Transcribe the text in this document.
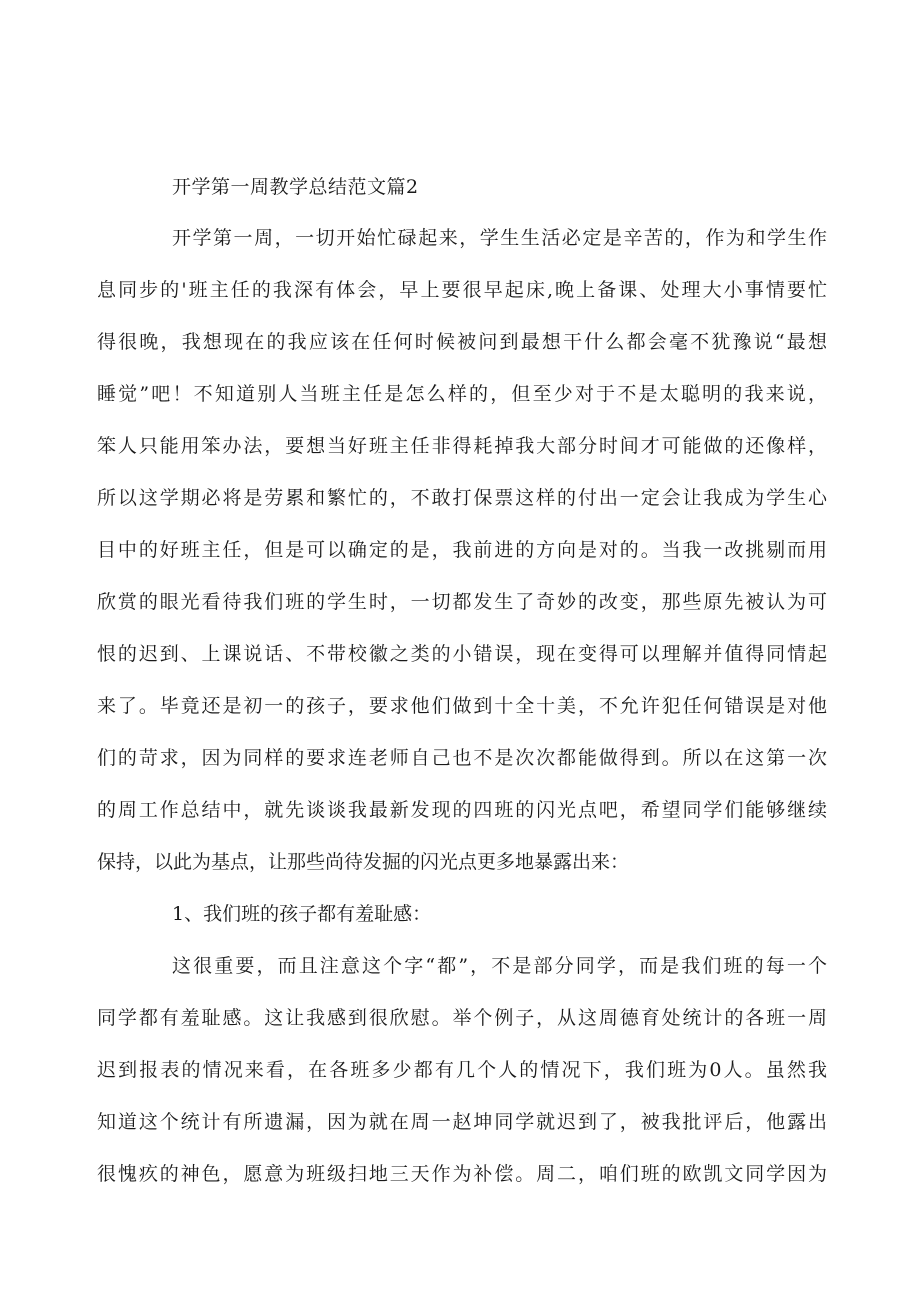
开学第一周教学总结范文篇2
开学第一周，一切开始忙碌起来，学生生活必定是辛苦的，作为和学生作
息同步的'班主任的我深有体会，早上要很早起床,晚上备课、处理大小事情要忙
得很晚，我想现在的我应该在任何时候被问到最想干什么都会毫不犹豫说“最想
睡觉”吧！不知道别人当班主任是怎么样的，但至少对于不是太聪明的我来说，
笨人只能用笨办法，要想当好班主任非得耗掉我大部分时间才可能做的还像样，
所以这学期必将是劳累和繁忙的，不敢打保票这样的付出一定会让我成为学生心
目中的好班主任，但是可以确定的是，我前进的方向是对的。当我一改挑剔而用
欣赏的眼光看待我们班的学生时，一切都发生了奇妙的改变，那些原先被认为可
恨的迟到、上课说话、不带校徽之类的小错误，现在变得可以理解并值得同情起
来了。毕竟还是初一的孩子，要求他们做到十全十美，不允许犯任何错误是对他
们的苛求，因为同样的要求连老师自己也不是次次都能做得到。所以在这第一次
的周工作总结中，就先谈谈我最新发现的四班的闪光点吧，希望同学们能够继续
保持，以此为基点，让那些尚待发掘的闪光点更多地暴露出来：
1、我们班的孩子都有羞耻感：
这很重要，而且注意这个字“都”，不是部分同学，而是我们班的每一个
同学都有羞耻感。这让我感到很欣慰。举个例子，从这周德育处统计的各班一周
迟到报表的情况来看，在各班多少都有几个人的情况下，我们班为0人。虽然我
知道这个统计有所遗漏，因为就在周一赵坤同学就迟到了，被我批评后，他露出
很愧疚的神色，愿意为班级扫地三天作为补偿。周二，咱们班的欧凯文同学因为
